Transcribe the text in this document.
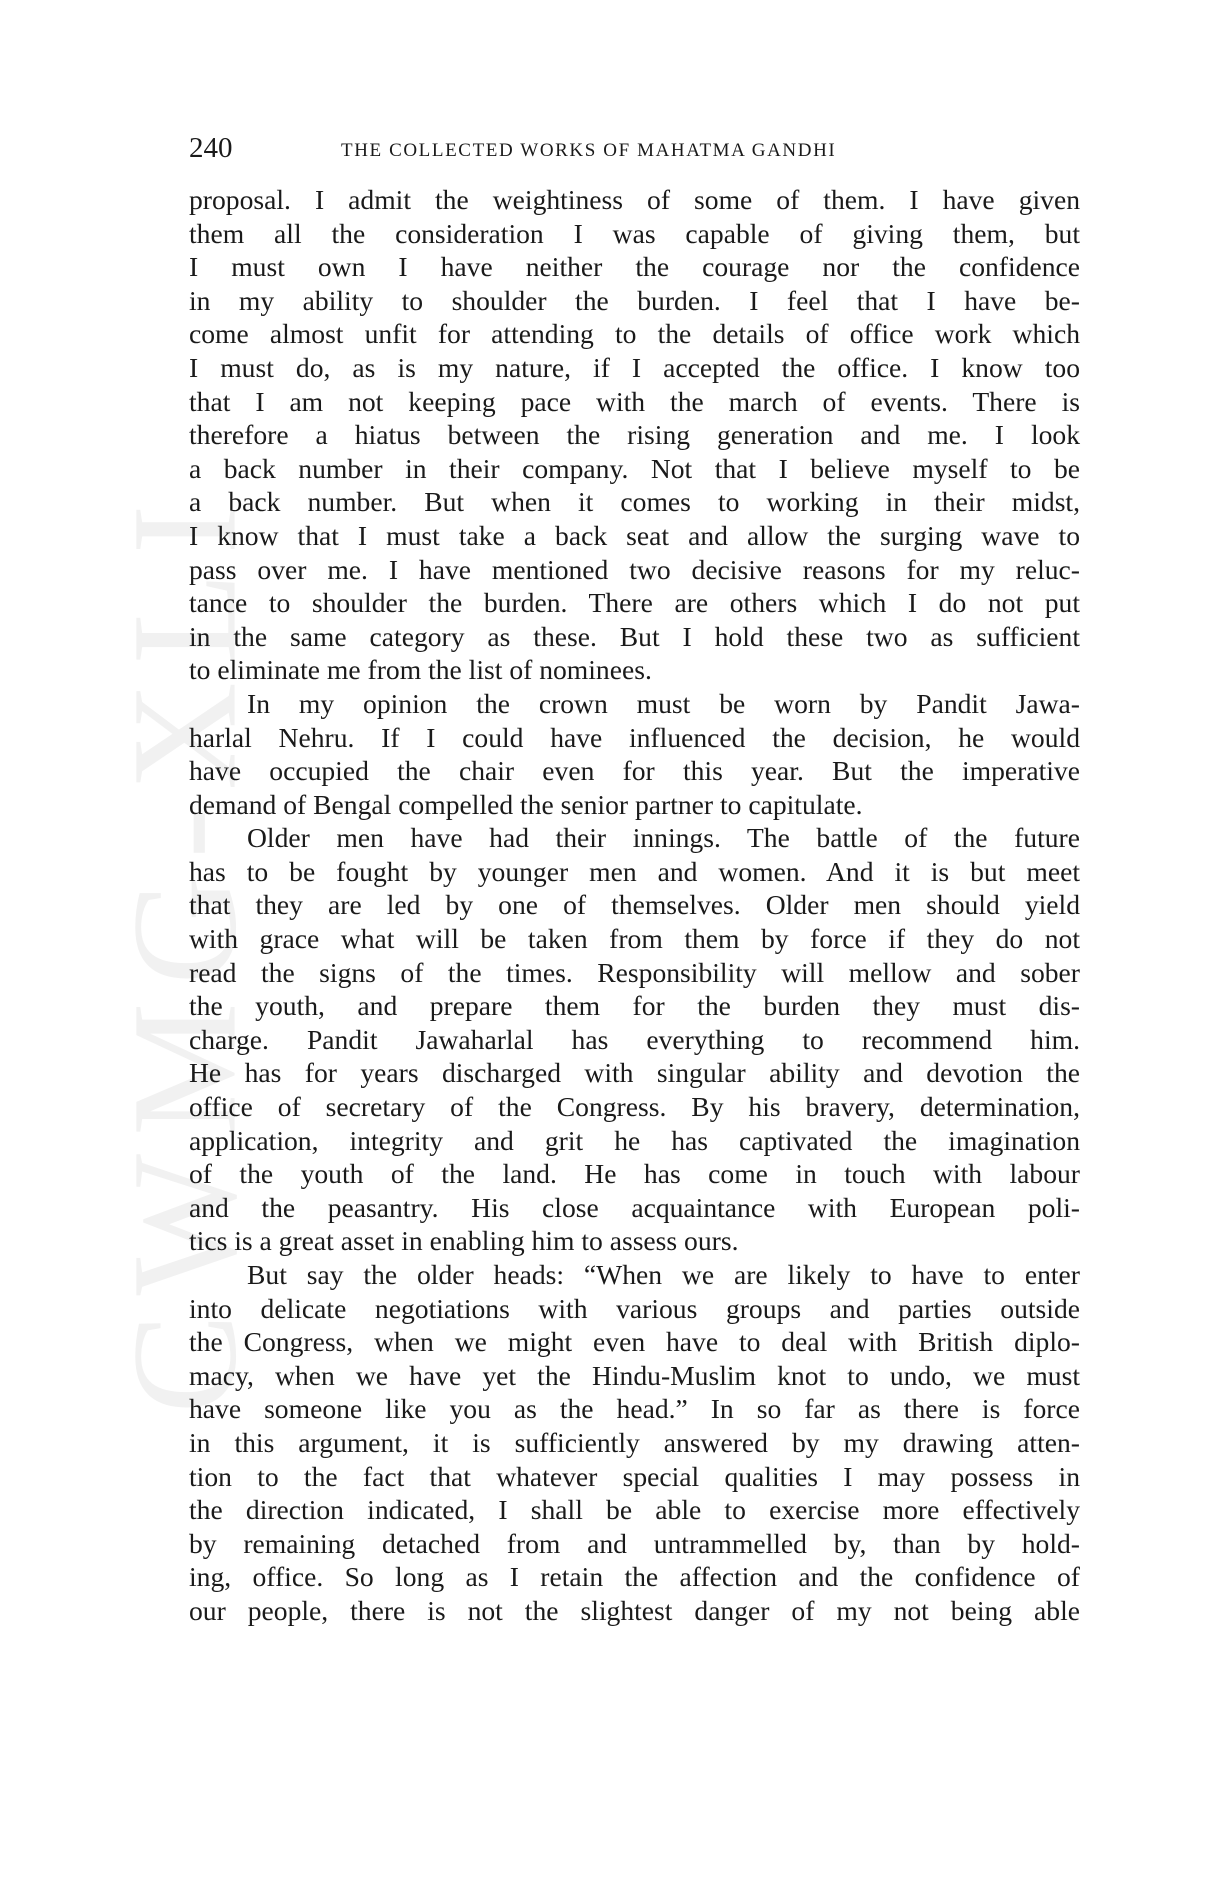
CWMG-XLI
240	THE COLLECTED WORKS OF MAHATMA GANDHI
proposal. I admit the weightiness of some of them. I have given
them all the consideration I was capable of giving them, but
I must own I have neither the courage nor the confidence
in my ability to shoulder the burden. I feel that I have be-
come almost unfit for attending to the details of office work which
I must do, as is my nature, if I accepted the office. I know too
that I am not keeping pace with the march of events. There is
therefore a hiatus between the rising generation and me. I look
a back number in their company. Not that I believe myself to be
a back number. But when it comes to working in their midst,
I know that I must take a back seat and allow the surging wave to
pass over me. I have mentioned two decisive reasons for my reluc-
tance to shoulder the burden. There are others which I do not put
in the same category as these. But I hold these two as sufficient
to eliminate me from the list of nominees.
In my opinion the crown must be worn by Pandit Jawa-
harlal Nehru. If I could have influenced the decision, he would
have occupied the chair even for this year. But the imperative
demand of Bengal compelled the senior partner to capitulate.
Older men have had their innings. The battle of the future
has to be fought by younger men and women. And it is but meet
that they are led by one of themselves. Older men should yield
with grace what will be taken from them by force if they do not
read the signs of the times. Responsibility will mellow and sober
the youth, and prepare them for the burden they must dis-
charge. Pandit Jawaharlal has everything to recommend him.
He has for years discharged with singular ability and devotion the
office of secretary of the Congress. By his bravery, determination,
application, integrity and grit he has captivated the imagination
of the youth of the land. He has come in touch with labour
and the peasantry. His close acquaintance with European poli-
tics is a great asset in enabling him to assess ours.
But say the older heads: “When we are likely to have to enter
into delicate negotiations with various groups and parties outside
the Congress, when we might even have to deal with British diplo-
macy, when we have yet the Hindu-Muslim knot to undo, we must
have someone like you as the head.” In so far as there is force
in this argument, it is sufficiently answered by my drawing atten-
tion to the fact that whatever special qualities I may possess in
the direction indicated, I shall be able to exercise more effectively
by remaining detached from and untrammelled by, than by hold-
ing, office. So long as I retain the affection and the confidence of
our people, there is not the slightest danger of my not being able
